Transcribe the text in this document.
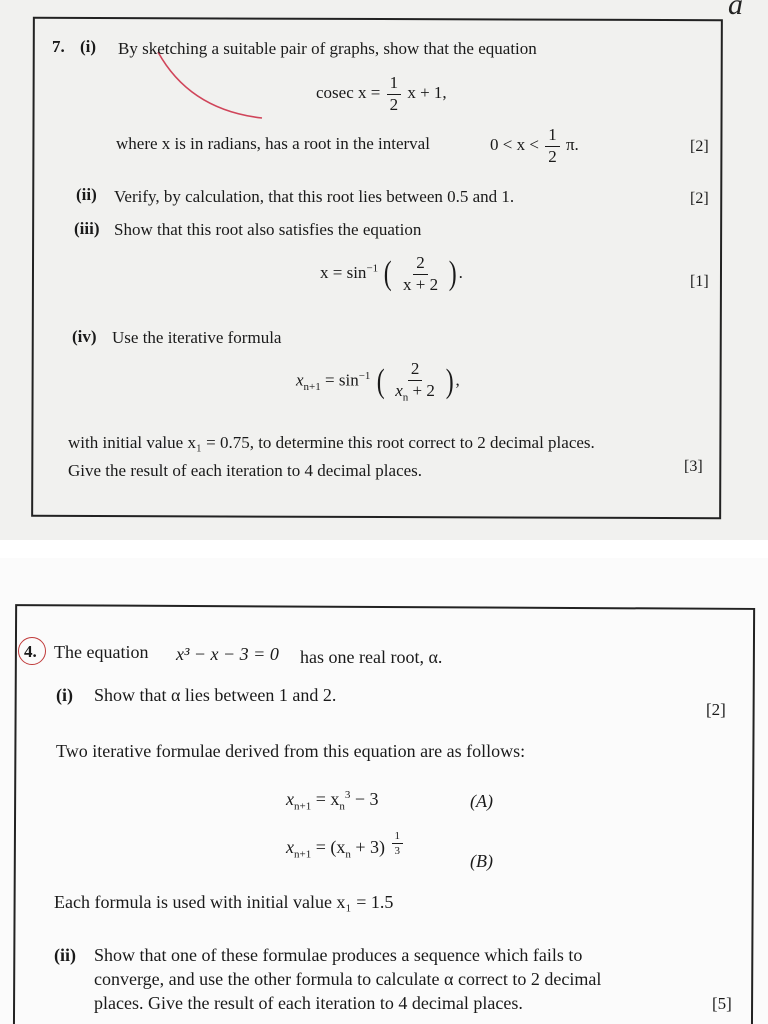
a
7. (i) By sketching a suitable pair of graphs, show that the equation
cosec $x = \frac{1}{2}$ x + 1,
where x is in radians, has a root in the interval	$0 < x < \frac{1}{2} \pi$.	[2]
(ii) Verify, by calculation, that this root lies between 0.5 and 1.	[2]
(iii) Show that this root also satisfies the equation
$x = \sin^{-1}$ ( $\frac{2}{x + 2}$ ).	[1]
(iv) Use the iterative formula
$x_{n+1} = \sin^{-1}$ ( $\frac{2}{x_n + 2}$ ),
with initial value x₁ = 0.75, to determine this root correct to 2 decimal places.
Give the result of each iteration to 4 decimal places.	[3]
4. The equation x³ − x − 3 = 0 has one real root, α.
(i) Show that α lies between 1 and 2.
[2]
Two iterative formulae derived from this equation are as follows:
$x_{n+1} = x_n^3 - 3$	(A)
$x_{n+1} = (x_n + 3) \frac{1}{3}$
(B)
Each formula is used with initial value x₁ = 1.5
(ii) Show that one of these formulae produces a sequence which fails to
converge, and use the other formula to calculate α correct to 2 decimal
places. Give the result of each iteration to 4 decimal places.	[5]
